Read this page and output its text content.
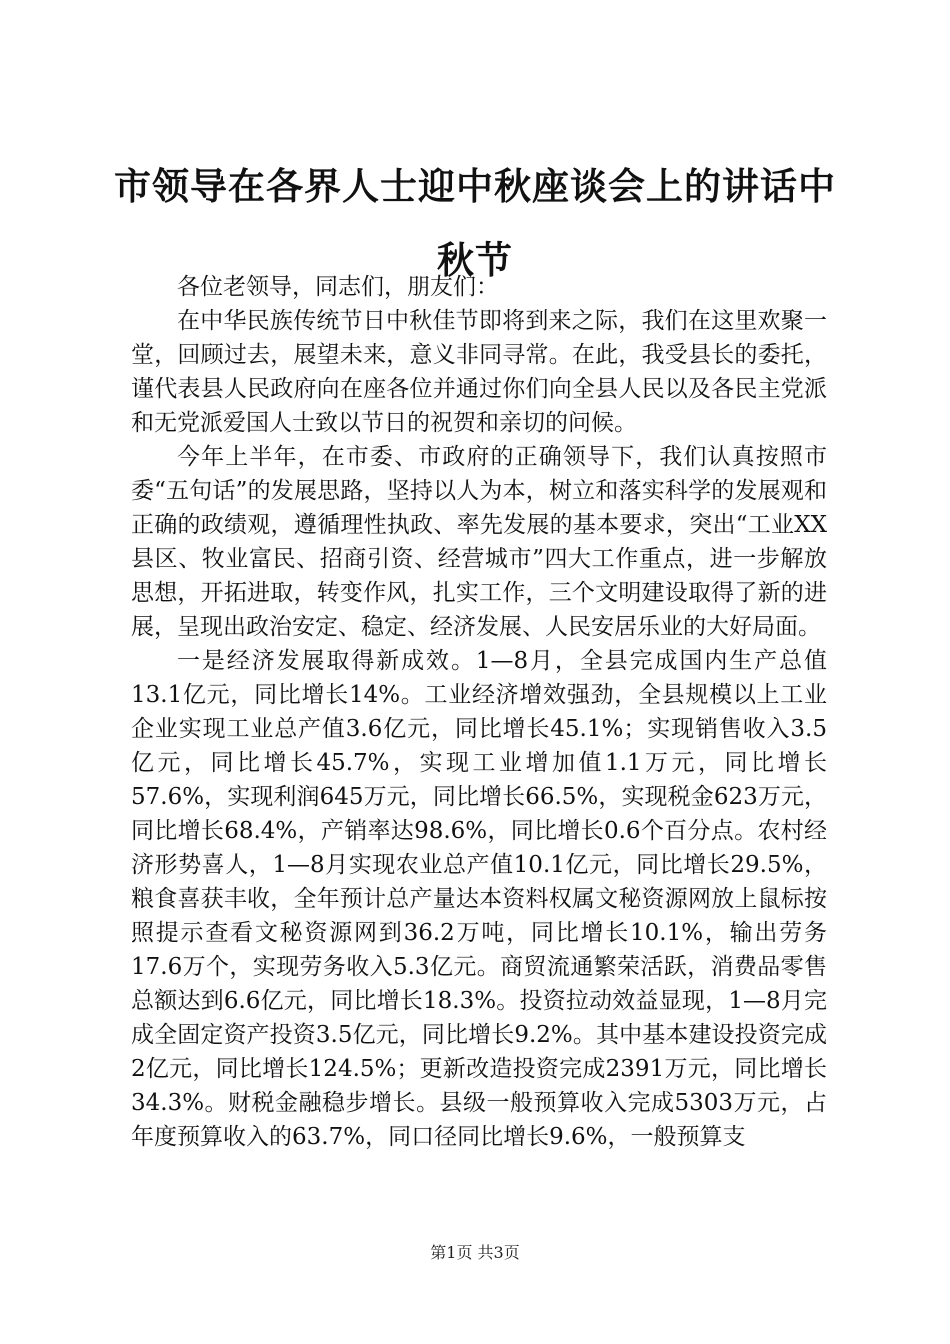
市领导在各界人士迎中秋座谈会上的讲话中秋节

各位老领导，同志们，朋友们：

在中华民族传统节日中秋佳节即将到来之际，我们在这里欢聚一堂，回顾过去，展望未来，意义非同寻常。在此，我受县长的委托，谨代表县人民政府向在座各位并通过你们向全县人民以及各民主党派和无党派爱国人士致以节日的祝贺和亲切的问候。

今年上半年，在市委、市政府的正确领导下，我们认真按照市委“五句话”的发展思路，坚持以人为本，树立和落实科学的发展观和正确的政绩观，遵循理性执政、率先发展的基本要求，突出“工业XX县区、牧业富民、招商引资、经营城市”四大工作重点，进一步解放思想，开拓进取，转变作风，扎实工作，三个文明建设取得了新的进展，呈现出政治安定、稳定、经济发展、人民安居乐业的大好局面。

一是经济发展取得新成效。1—8月，全县完成国内生产总值13.1亿元，同比增长14%。工业经济增效强劲，全县规模以上工业企业实现工业总产值3.6亿元，同比增长45.1%；实现销售收入3.5亿元，同比增长45.7%，实现工业增加值1.1万元，同比增长57.6%，实现利润645万元，同比增长66.5%，实现税金623万元，同比增长68.4%，产销率达98.6%，同比增长0.6个百分点。农村经济形势喜人，1—8月实现农业总产值10.1亿元，同比增长29.5%，粮食喜获丰收，全年预计总产量达本资料权属文秘资源网放上鼠标按照提示查看文秘资源网到36.2万吨，同比增长10.1%，输出劳务17.6万个，实现劳务收入5.3亿元。商贸流通繁荣活跃，消费品零售总额达到6.6亿元，同比增长18.3%。投资拉动效益显现，1—8月完成全固定资产投资3.5亿元，同比增长9.2%。其中基本建设投资完成2亿元，同比增长124.5%；更新改造投资完成2391万元，同比增长34.3%。财税金融稳步增长。县级一般预算收入完成5303万元，占年度预算收入的63.7%，同口径同比增长9.6%，一般预算支

第1页 共3页
